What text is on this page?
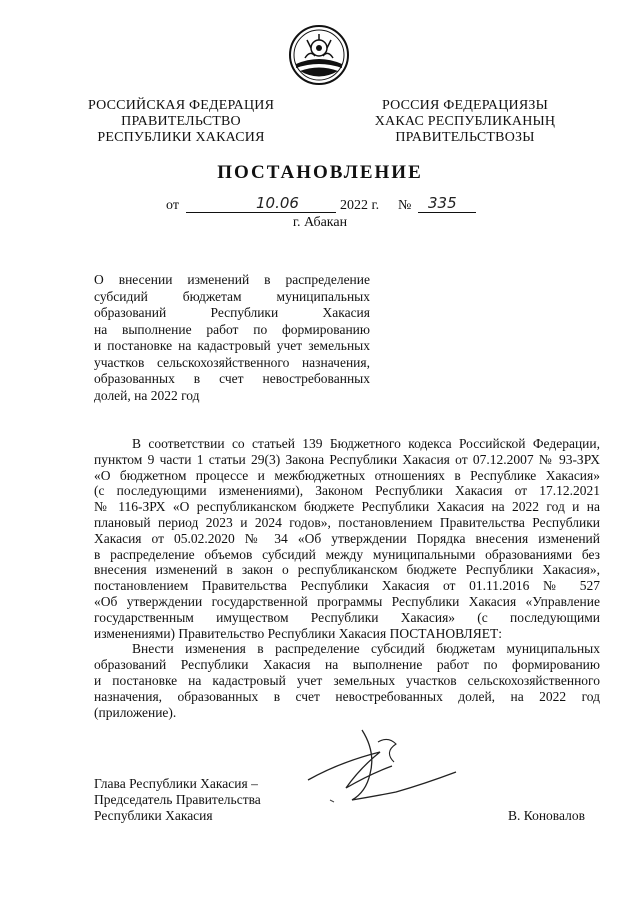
РОССИЙСКАЯ ФЕДЕРАЦИЯ
ПРАВИТЕЛЬСТВО
РЕСПУБЛИКИ ХАКАСИЯ
РОССИЯ ФЕДЕРАЦИЯЗЫ
ХАКАС РЕСПУБЛИКАНЫҢ
ПРАВИТЕЛЬСТВОЗЫ
ПОСТАНОВЛЕНИЕ
от	10.06	2022 г. № 335
г. Абакан
О внесении изменений в распределение
субсидий бюджетам муниципальных
образований Республики Хакасия
на выполнение работ по формированию
и постановке на кадастровый учет земельных
участков сельскохозяйственного назначения,
образованных в счет невостребованных
долей, на 2022 год
В соответствии со статьей 139 Бюджетного кодекса Российской Федерации,
пунктом 9 части 1 статьи 29(3) Закона Республики Хакасия от 07.12.2007 № 93-ЗРХ
«О бюджетном процессе и межбюджетных отношениях в Республике Хакасия»
(с последующими изменениями), Законом Республики Хакасия от 17.12.2021
№ 116-ЗРХ «О республиканском бюджете Республики Хакасия на 2022 год и на
плановый период 2023 и 2024 годов», постановлением Правительства Республики
Хакасия от 05.02.2020 № 34 «Об утверждении Порядка внесения изменений
в распределение объемов субсидий между муниципальными образованиями без
внесения изменений в закон о республиканском бюджете Республики Хакасия»,
постановлением Правительства Республики Хакасия от 01.11.2016 № 527
«Об утверждении государственной программы Республики Хакасия «Управление
государственным имуществом Республики Хакасия» (с последующими
изменениями) Правительство Республики Хакасия ПОСТАНОВЛЯЕТ:
Внести изменения в распределение субсидий бюджетам муниципальных
образований Республики Хакасия на выполнение работ по формированию
и постановке на кадастровый учет земельных участков сельскохозяйственного
назначения, образованных в счет невостребованных долей, на 2022 год
(приложение).
Глава Республики Хакасия –
Председатель Правительства
Республики Хакасия	В. Коновалов
